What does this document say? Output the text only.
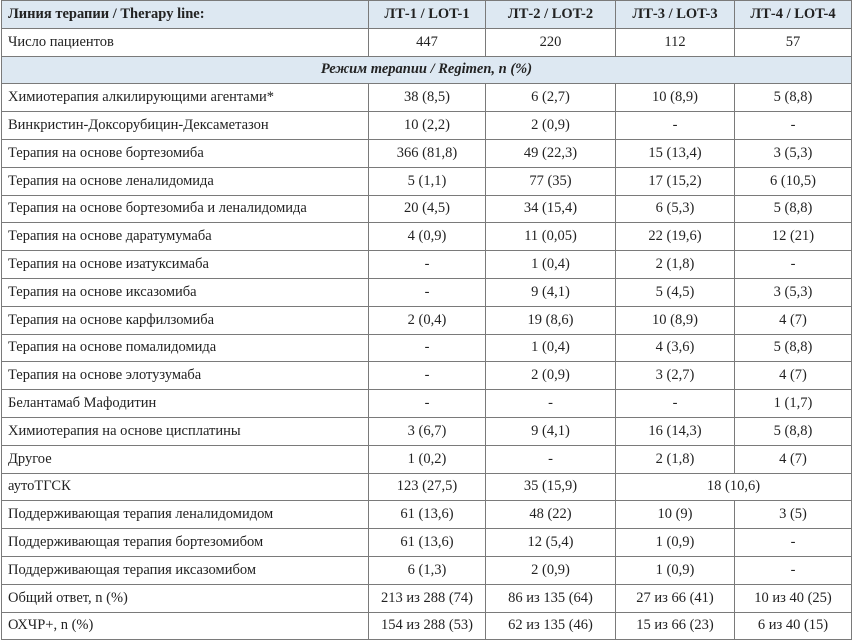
Линия терапии / Therapy line:	ЛТ-1 / LOT-1	ЛТ-2 / LOT-2	ЛТ-3 / LOT-3	ЛТ-4 / LOT-4
Число пациентов	447	220	112	57
Режим терапии / Regimen, n (%)				
Химиотерапия алкилирующими агентами*	38 (8,5)	6 (2,7)	10 (8,9)	5 (8,8)
Винкристин-Доксорубицин-Дексаметазон	10 (2,2)	2 (0,9)	-	-
Терапия на основе бортезомиба	366 (81,8)	49 (22,3)	15 (13,4)	3 (5,3)
Терапия на основе леналидомида	5 (1,1)	77 (35)	17 (15,2)	6 (10,5)
Терапия на основе бортезомиба и леналидомида	20 (4,5)	34 (15,4)	6 (5,3)	5 (8,8)
Терапия на основе даратумумаба	4 (0,9)	11 (0,05)	22 (19,6)	12 (21)
Терапия на основе изатуксимаба	-	1 (0,4)	2 (1,8)	-
Терапия на основе иксазомиба	-	9 (4,1)	5 (4,5)	3 (5,3)
Терапия на основе карфилзомиба	2 (0,4)	19 (8,6)	10 (8,9)	4 (7)
Терапия на основе помалидомида	-	1 (0,4)	4 (3,6)	5 (8,8)
Терапия на основе элотузумаба	-	2 (0,9)	3 (2,7)	4 (7)
Белантамаб Мафодитин	-	-	-	1 (1,7)
Химиотерапия на основе цисплатины	3 (6,7)	9 (4,1)	16 (14,3)	5 (8,8)
Другое	1 (0,2)	-	2 (1,8)	4 (7)
аутоТГСК	123 (27,5)	35 (15,9)	18 (10,6)	
Поддерживающая терапия леналидомидом	61 (13,6)	48 (22)	10 (9)	3 (5)
Поддерживающая терапия бортезомибом	61 (13,6)	12 (5,4)	1 (0,9)	-
Поддерживающая терапия иксазомибом	6 (1,3)	2 (0,9)	1 (0,9)	-
Общий ответ, n (%)	213 из 288 (74)	86 из 135 (64)	27 из 66 (41)	10 из 40 (25)
ОХЧР+, n (%)	154 из 288 (53)	62 из 135 (46)	15 из 66 (23)	6 из 40 (15)
